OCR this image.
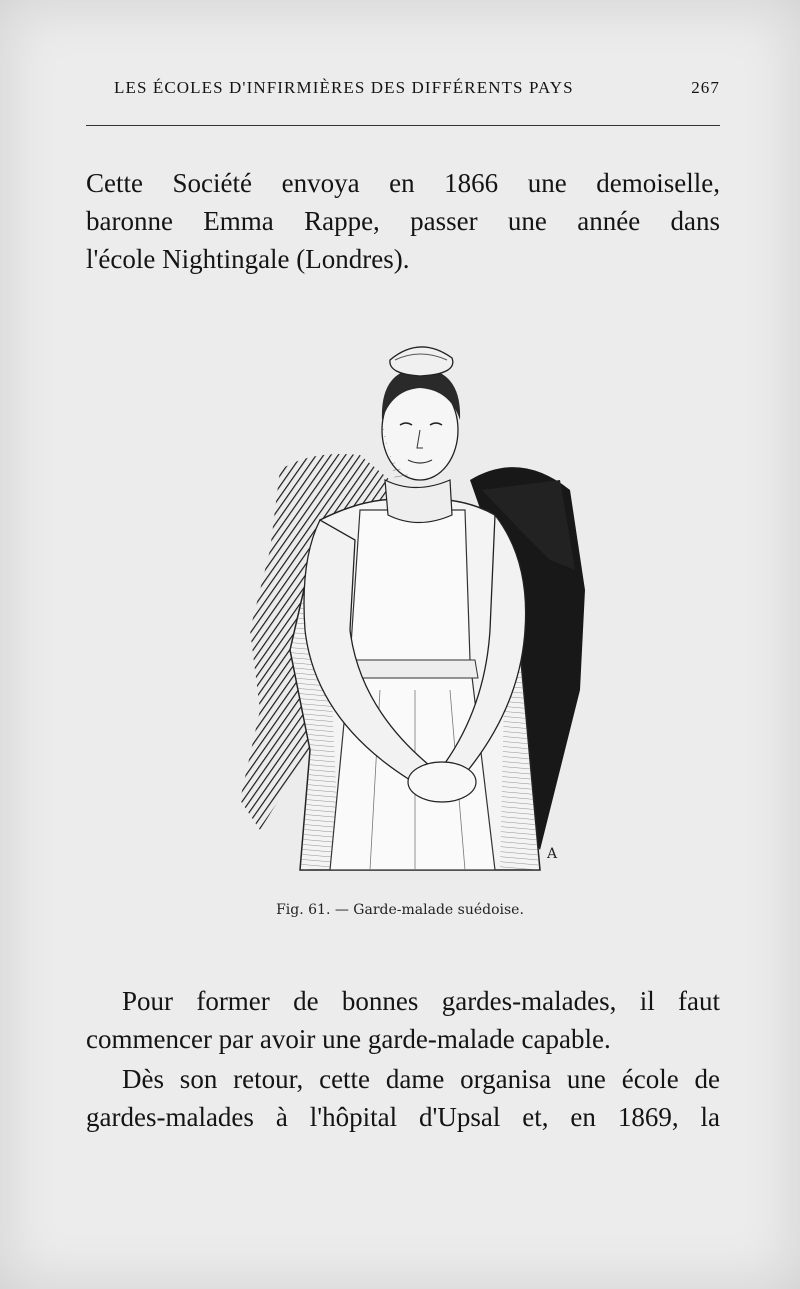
LES ÉCOLES D'INFIRMIÈRES DES DIFFÉRENTS PAYS	267
Cette Société envoya en 1866 une demoiselle,
baronne Emma Rappe, passer une année dans
l'école Nightingale (Londres).
A
Fig. 61. — Garde-malade suédoise.
Pour former de bonnes gardes-malades, il faut
commencer par avoir une garde-malade capable.
Dès son retour, cette dame organisa une école de
gardes-malades à l'hôpital d'Upsal et, en 1869, la
